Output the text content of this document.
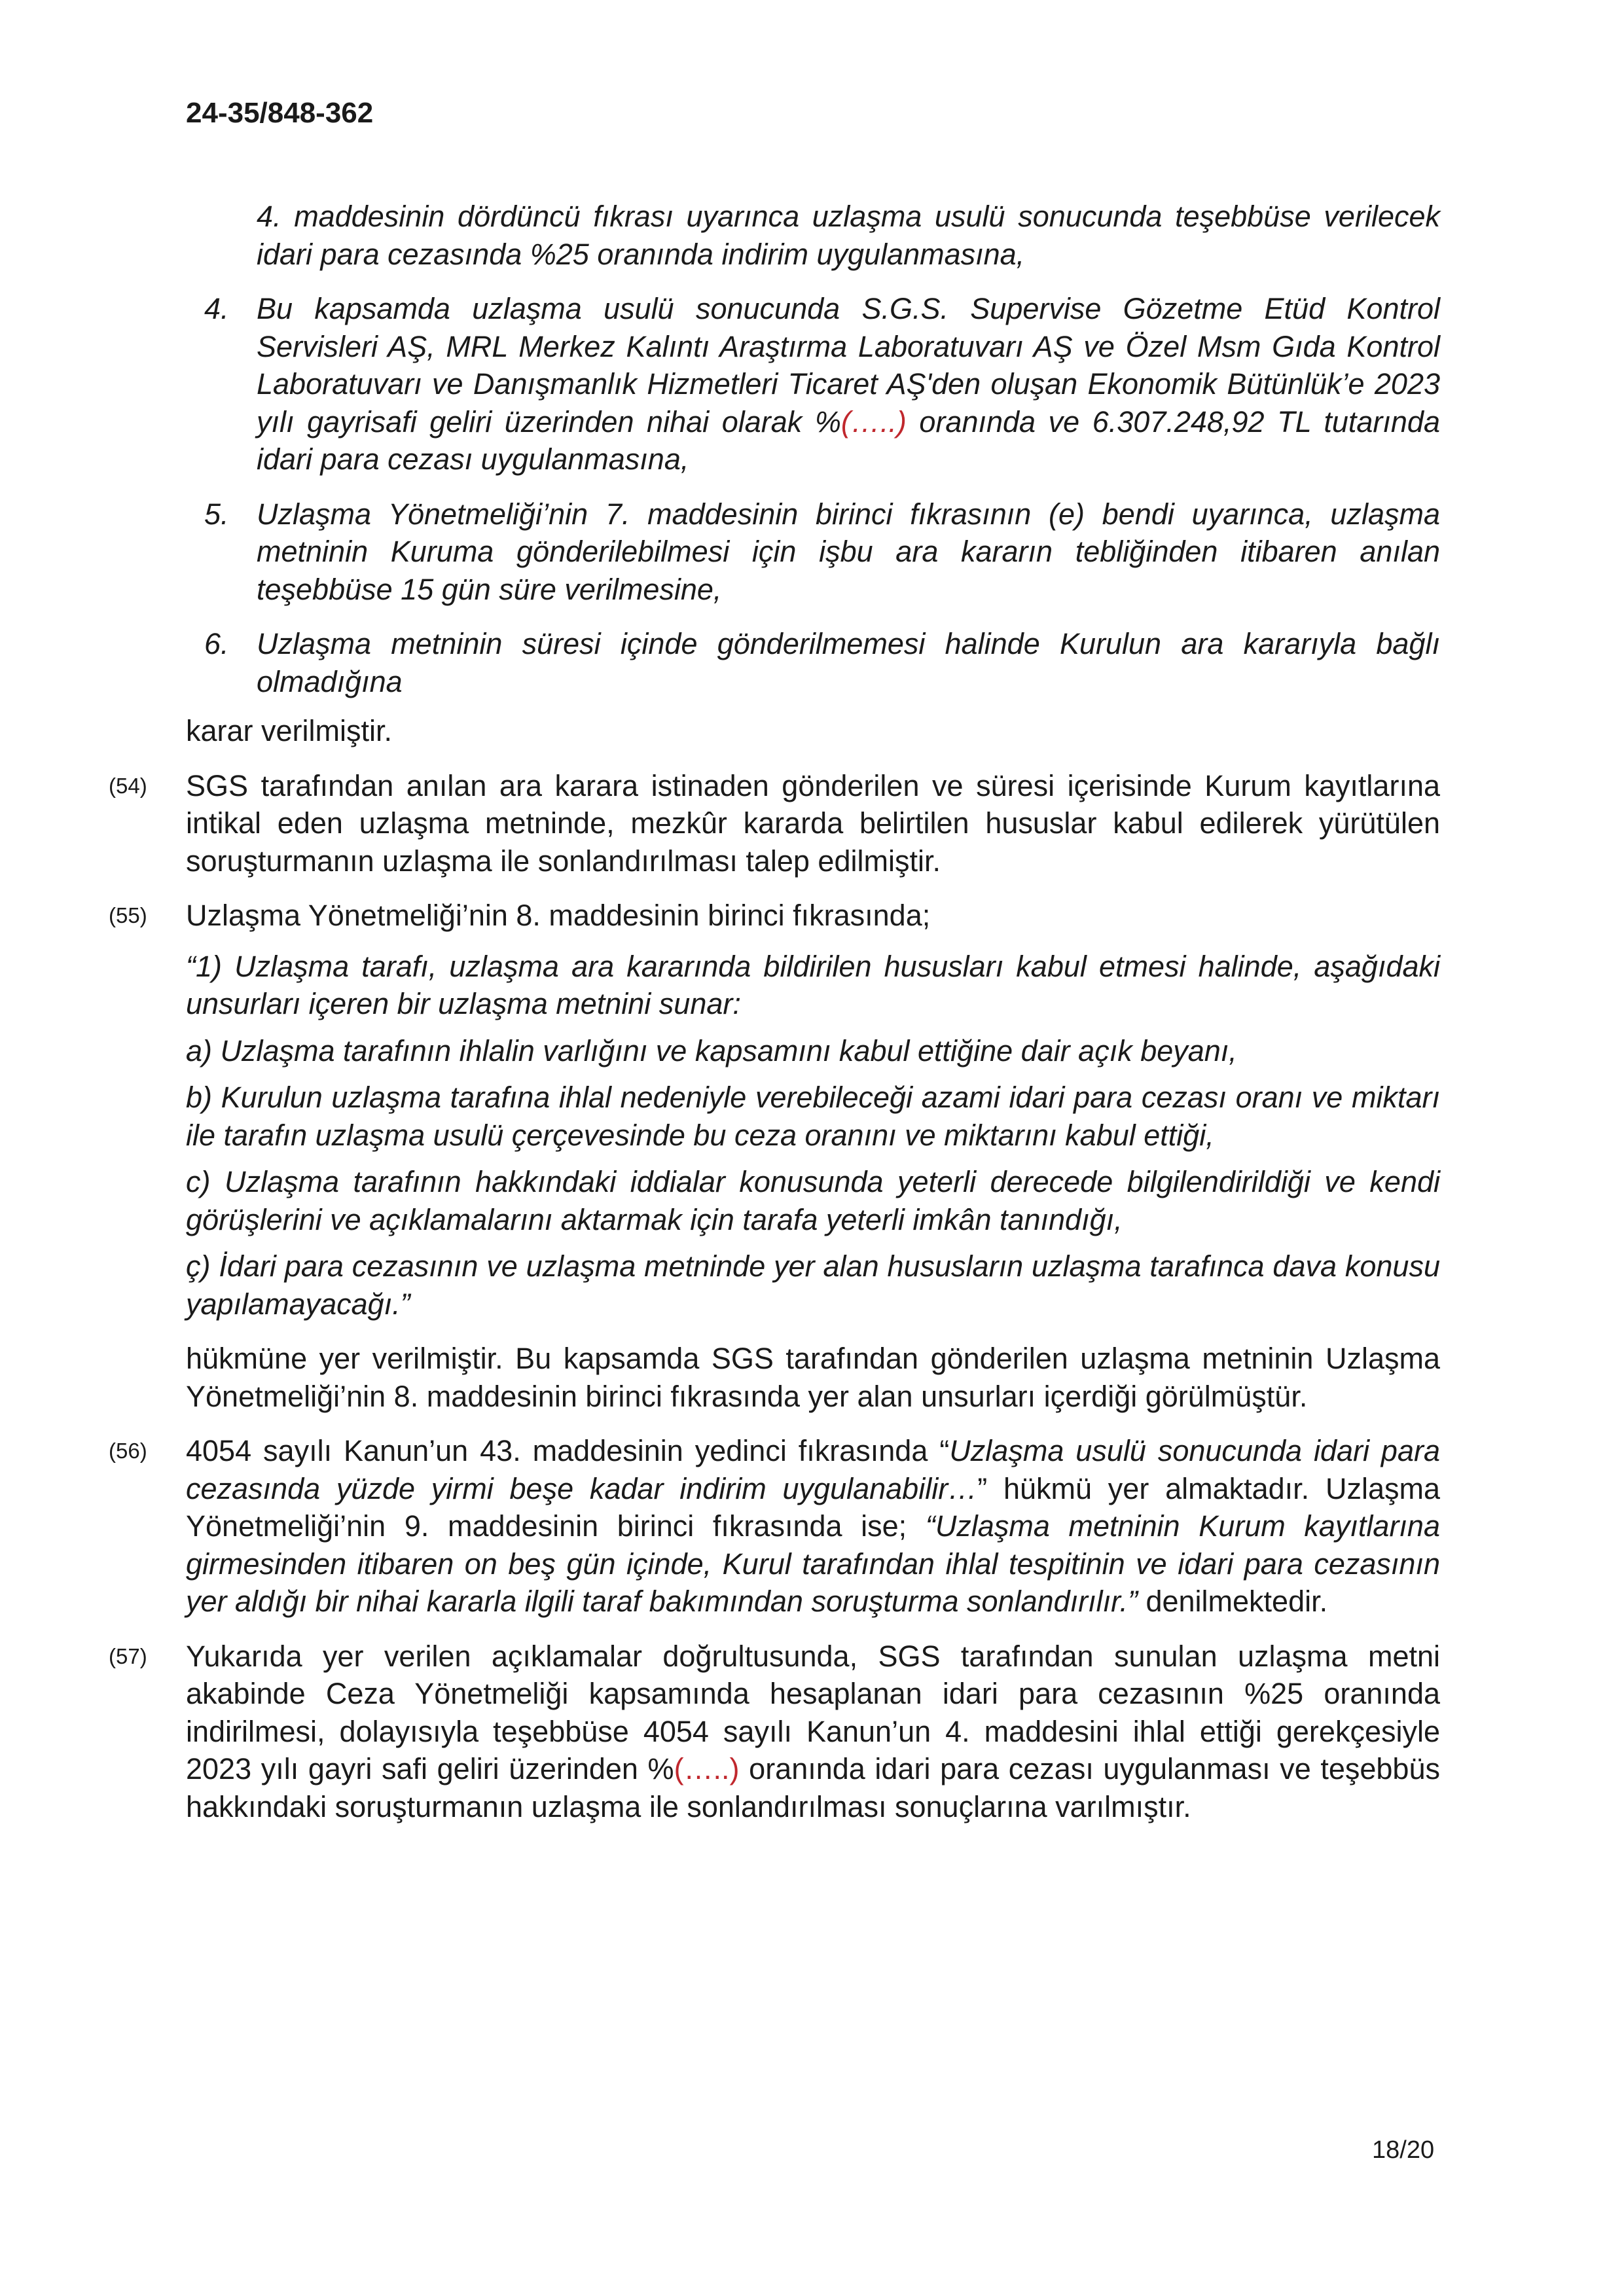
24-35/848-362
4. maddesinin dördüncü fıkrası uyarınca uzlaşma usulü sonucunda teşebbüse verilecek idari para cezasında %25 oranında indirim uygulanmasına,
4. Bu kapsamda uzlaşma usulü sonucunda S.G.S. Supervise Gözetme Etüd Kontrol Servisleri AŞ, MRL Merkez Kalıntı Araştırma Laboratuvarı AŞ ve Özel Msm Gıda Kontrol Laboratuvarı ve Danışmanlık Hizmetleri Ticaret AŞ'den oluşan Ekonomik Bütünlük’e 2023 yılı gayrisafi geliri üzerinden nihai olarak %(…..) oranında ve 6.307.248,92 TL tutarında idari para cezası uygulanmasına,
5. Uzlaşma Yönetmeliği’nin 7. maddesinin birinci fıkrasının (e) bendi uyarınca, uzlaşma metninin Kuruma gönderilebilmesi için işbu ara kararın tebliğinden itibaren anılan teşebbüse 15 gün süre verilmesine,
6. Uzlaşma metninin süresi içinde gönderilmemesi halinde Kurulun ara kararıyla bağlı olmadığına
karar verilmiştir.
(54) SGS tarafından anılan ara karara istinaden gönderilen ve süresi içerisinde Kurum kayıtlarına intikal eden uzlaşma metninde, mezkûr kararda belirtilen hususlar kabul edilerek yürütülen soruşturmanın uzlaşma ile sonlandırılması talep edilmiştir.
(55) Uzlaşma Yönetmeliği’nin 8. maddesinin birinci fıkrasında;
“1) Uzlaşma tarafı, uzlaşma ara kararında bildirilen hususları kabul etmesi halinde, aşağıdaki unsurları içeren bir uzlaşma metnini sunar:
a) Uzlaşma tarafının ihlalin varlığını ve kapsamını kabul ettiğine dair açık beyanı,
b) Kurulun uzlaşma tarafına ihlal nedeniyle verebileceği azami idari para cezası oranı ve miktarı ile tarafın uzlaşma usulü çerçevesinde bu ceza oranını ve miktarını kabul ettiği,
c) Uzlaşma tarafının hakkındaki iddialar konusunda yeterli derecede bilgilendirildiği ve kendi görüşlerini ve açıklamalarını aktarmak için tarafa yeterli imkân tanındığı,
ç) İdari para cezasının ve uzlaşma metninde yer alan hususların uzlaşma tarafınca dava konusu yapılamayacağı.”
hükmüne yer verilmiştir. Bu kapsamda SGS tarafından gönderilen uzlaşma metninin Uzlaşma Yönetmeliği’nin 8. maddesinin birinci fıkrasında yer alan unsurları içerdiği görülmüştür.
(56) 4054 sayılı Kanun’un 43. maddesinin yedinci fıkrasında “Uzlaşma usulü sonucunda idari para cezasında yüzde yirmi beşe kadar indirim uygulanabilir…” hükmü yer almaktadır. Uzlaşma Yönetmeliği’nin 9. maddesinin birinci fıkrasında ise; “Uzlaşma metninin Kurum kayıtlarına girmesinden itibaren on beş gün içinde, Kurul tarafından ihlal tespitinin ve idari para cezasının yer aldığı bir nihai kararla ilgili taraf bakımından soruşturma sonlandırılır.” denilmektedir.
(57) Yukarıda yer verilen açıklamalar doğrultusunda, SGS tarafından sunulan uzlaşma metni akabinde Ceza Yönetmeliği kapsamında hesaplanan idari para cezasının %25 oranında indirilmesi, dolayısıyla teşebbüse 4054 sayılı Kanun’un 4. maddesini ihlal ettiği gerekçesiyle 2023 yılı gayri safi geliri üzerinden %(…..) oranında idari para cezası uygulanması ve teşebbüs hakkındaki soruşturmanın uzlaşma ile sonlandırılması sonuçlarına varılmıştır.
18/20
